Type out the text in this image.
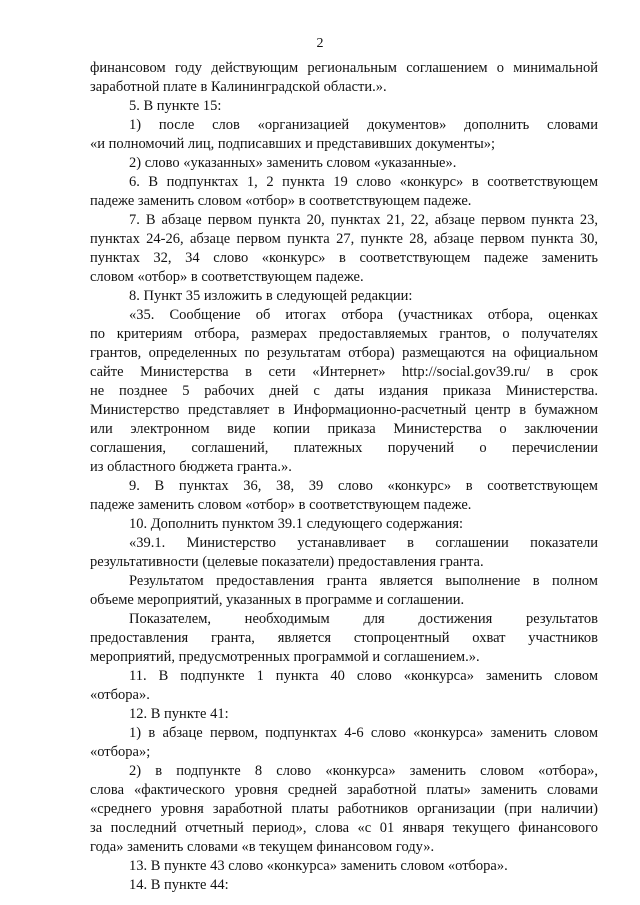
2
финансовом году действующим региональным соглашением о минимальной
заработной плате в Калининградской области.».
5. В пункте 15:
1) после слов «организацией документов» дополнить словами
«и полномочий лиц, подписавших и представивших документы»;
2) слово «указанных» заменить словом «указанные».
6. В подпунктах 1, 2 пункта 19 слово «конкурс» в соответствующем
падеже заменить словом «отбор» в соответствующем падеже.
7. В абзаце первом пункта 20, пунктах 21, 22, абзаце первом пункта 23,
пунктах 24-26, абзаце первом пункта 27, пункте 28, абзаце первом пункта 30,
пунктах 32, 34 слово «конкурс» в соответствующем падеже заменить
словом «отбор» в соответствующем падеже.
8. Пункт 35 изложить в следующей редакции:
«35. Сообщение об итогах отбора (участниках отбора, оценках
по критериям отбора, размерах предоставляемых грантов, о получателях
грантов, определенных по результатам отбора) размещаются на официальном
сайте Министерства в сети «Интернет» http://social.gov39.ru/ в срок
не позднее 5 рабочих дней с даты издания приказа Министерства.
Министерство представляет в Информационно-расчетный центр в бумажном
или электронном виде копии приказа Министерства о заключении
соглашения, соглашений, платежных поручений о перечислении
из областного бюджета гранта.».
9. В пунктах 36, 38, 39 слово «конкурс» в соответствующем
падеже заменить словом «отбор» в соответствующем падеже.
10. Дополнить пунктом 39.1 следующего содержания:
«39.1. Министерство устанавливает в соглашении показатели
результативности (целевые показатели) предоставления гранта.
Результатом предоставления гранта является выполнение в полном
объеме мероприятий, указанных в программе и соглашении.
Показателем, необходимым для достижения результатов
предоставления гранта, является стопроцентный охват участников
мероприятий, предусмотренных программой и соглашением.».
11. В подпункте 1 пункта 40 слово «конкурса» заменить словом
«отбора».
12. В пункте 41:
1) в абзаце первом, подпунктах 4-6 слово «конкурса» заменить словом
«отбора»;
2) в подпункте 8 слово «конкурса» заменить словом «отбора»,
слова «фактического уровня средней заработной платы» заменить словами
«среднего уровня заработной платы работников организации (при наличии)
за последний отчетный период», слова «с 01 января текущего финансового
года» заменить словами «в текущем финансовом году».
13. В пункте 43 слово «конкурса» заменить словом «отбора».
14. В пункте 44:
